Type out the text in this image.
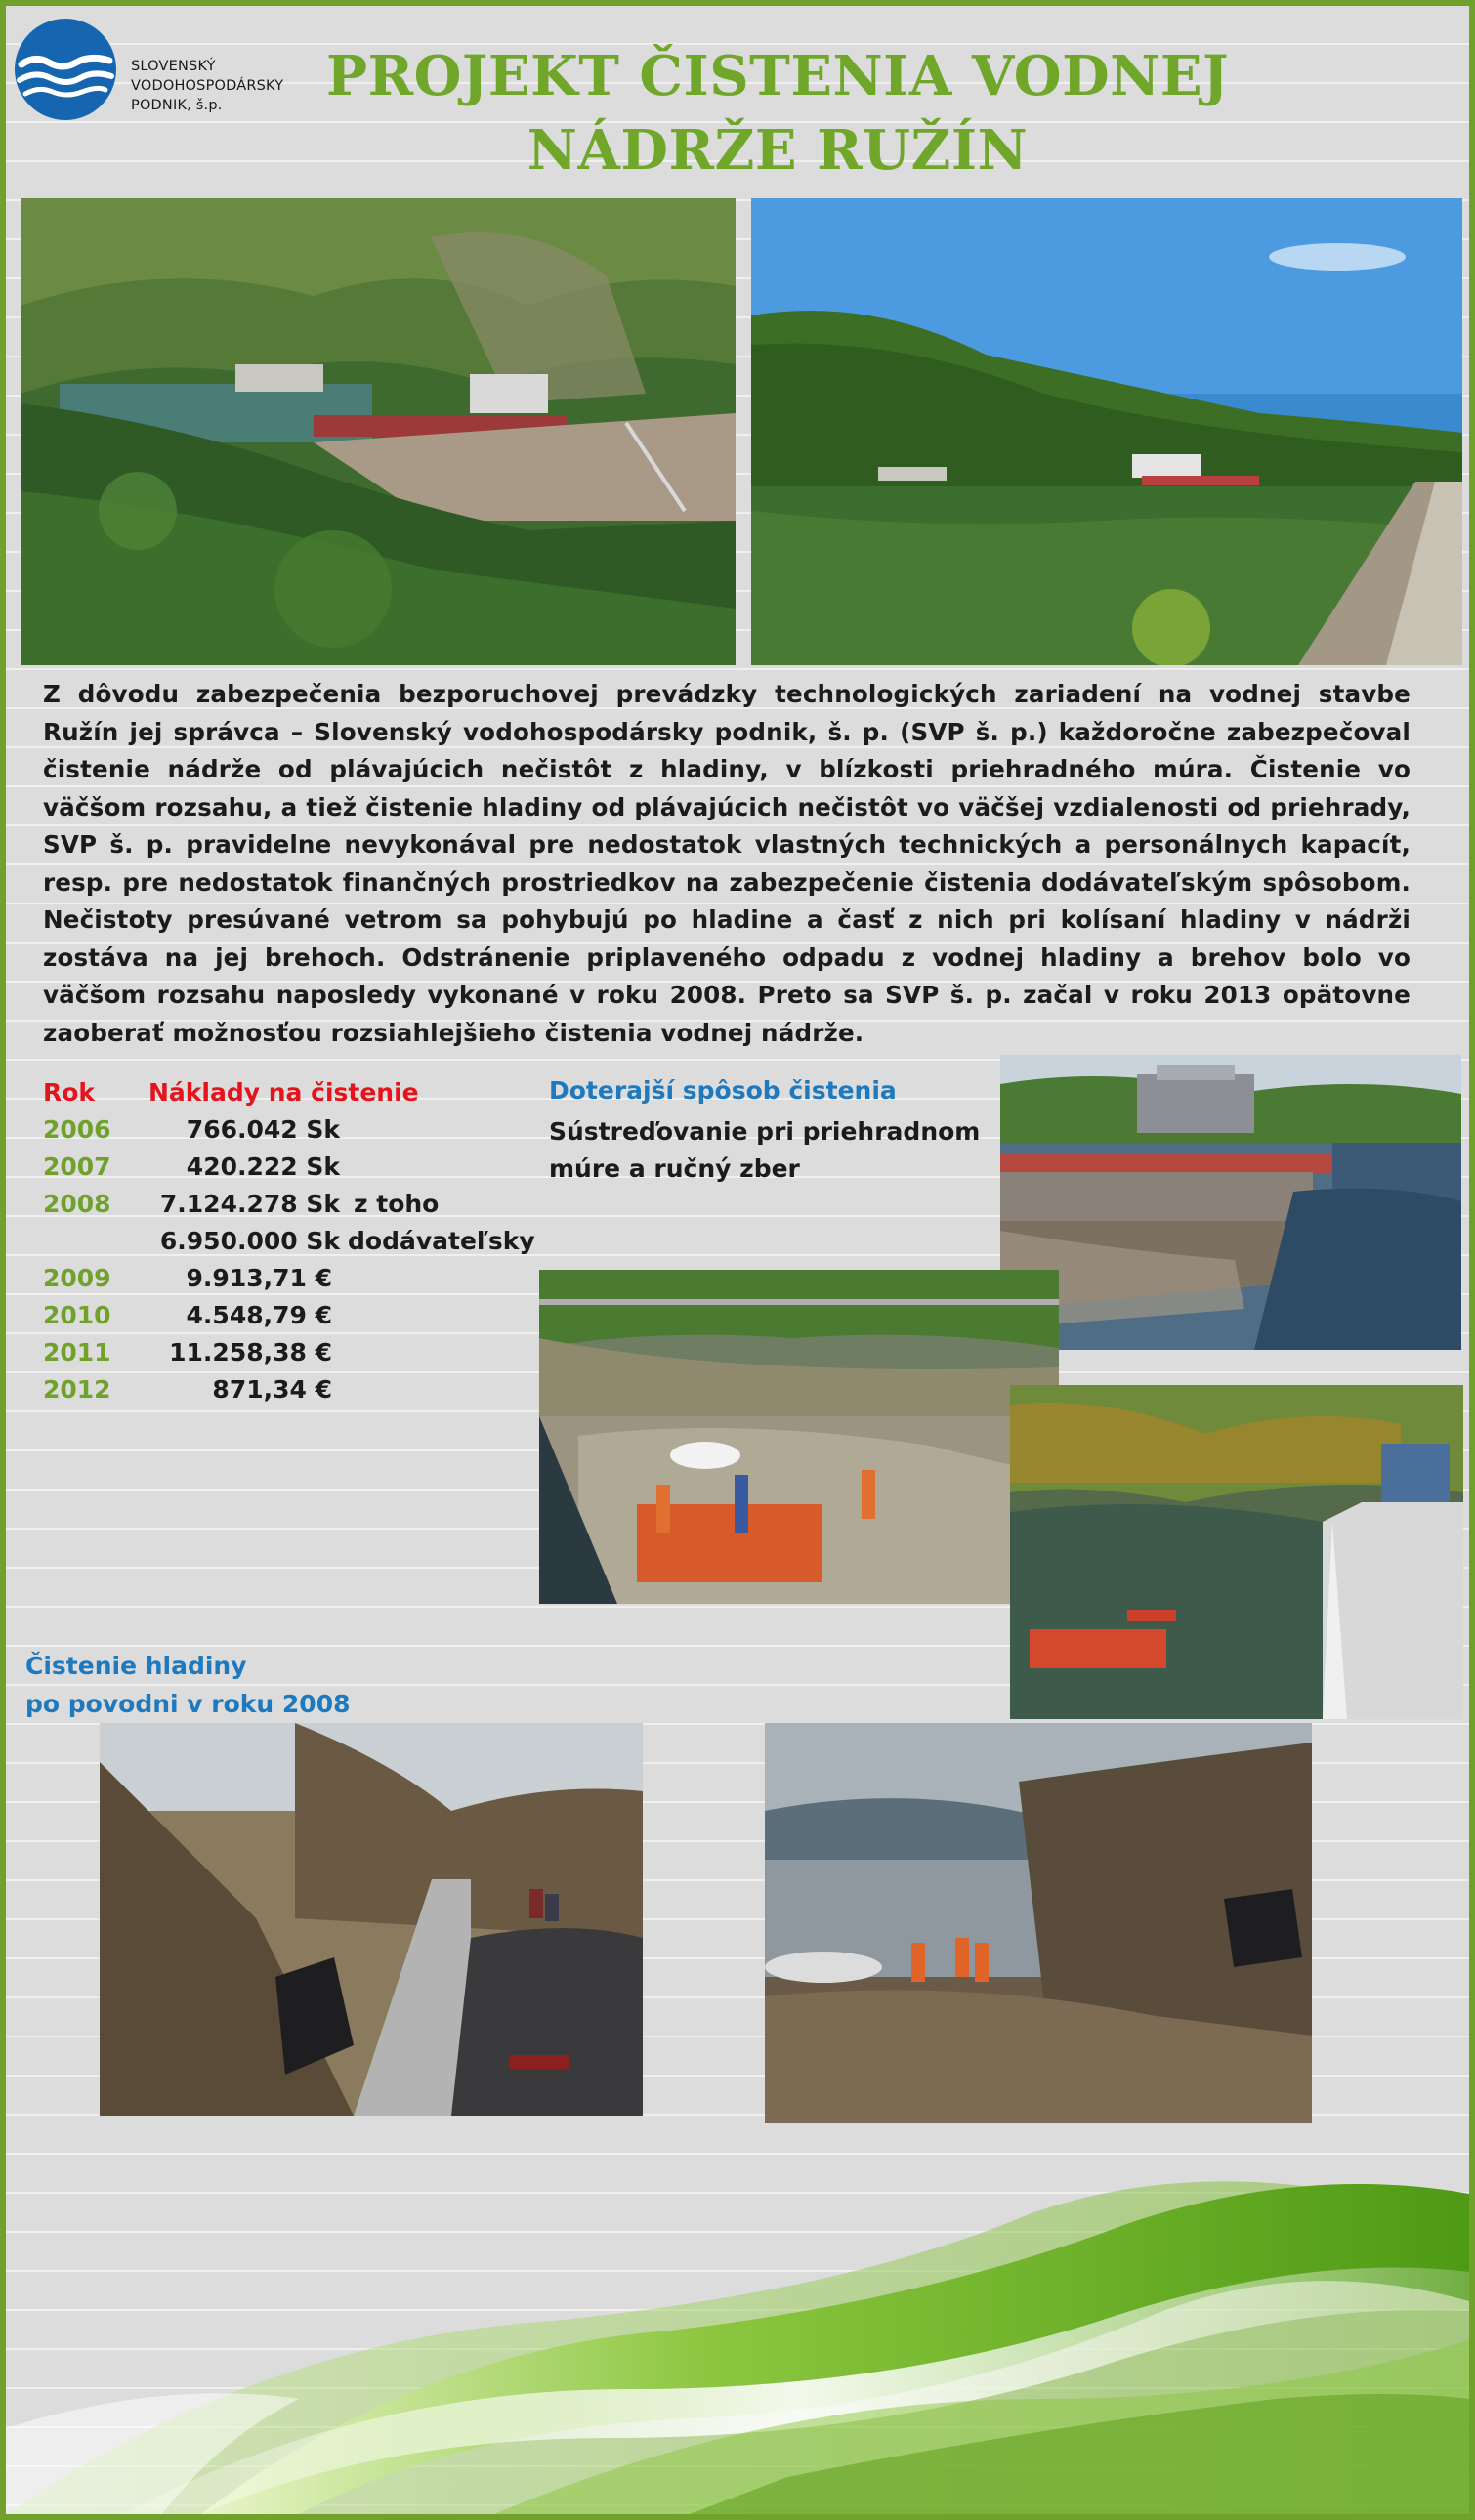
SLOVENSKÝ
VODOHOSPODÁRSKY
PODNIK, š.p.	PROJEKT ČISTENIA VODNEJ
NÁDRŽE RUŽÍN
Z dôvodu zabezpečenia bezporuchovej prevádzky technologických zariadení na vodnej stavbe Ružín jej správca – Slovenský vodohospodársky podnik, š. p. (SVP š. p.) každoročne zabezpečoval čistenie nádrže od plávajúcich nečistôt z hladiny, v blízkosti priehradného múra. Čistenie vo väčšom rozsahu, a tiež čistenie hladiny od plávajúcich nečistôt vo väčšej vzdialenosti od priehrady, SVP š. p. pravidelne nevykonával pre nedostatok vlastných technických a personálnych kapacít, resp. pre nedostatok finančných prostriedkov na zabezpečenie čistenia dodávateľským spôsobom. Nečistoty presúvané vetrom sa pohybujú po hladine a časť z nich pri kolísaní hladiny v nádrži zostáva na jej brehoch. Odstránenie priplaveného odpadu z vodnej hladiny a brehov bolo vo väčšom rozsahu naposledy vykonané v roku 2008. Preto sa SVP š. p. začal v roku 2013 opätovne zaoberať možnosťou rozsiahlejšieho čistenia vodnej nádrže.
Rok Náklady na čistenie
2006	766.042 Sk
2007	420.222 Sk
2008	7.124.278 Sk z toho
6.950.000 Sk dodávateľsky
2009	9.913,71 €
2010	4.548,79 €
2011	11.258,38 €
2012	871,34 €
Doterajší spôsob čistenia
Sústreďovanie pri priehradnom múre a ručný zber
Čistenie hladiny
po povodni v roku 2008
